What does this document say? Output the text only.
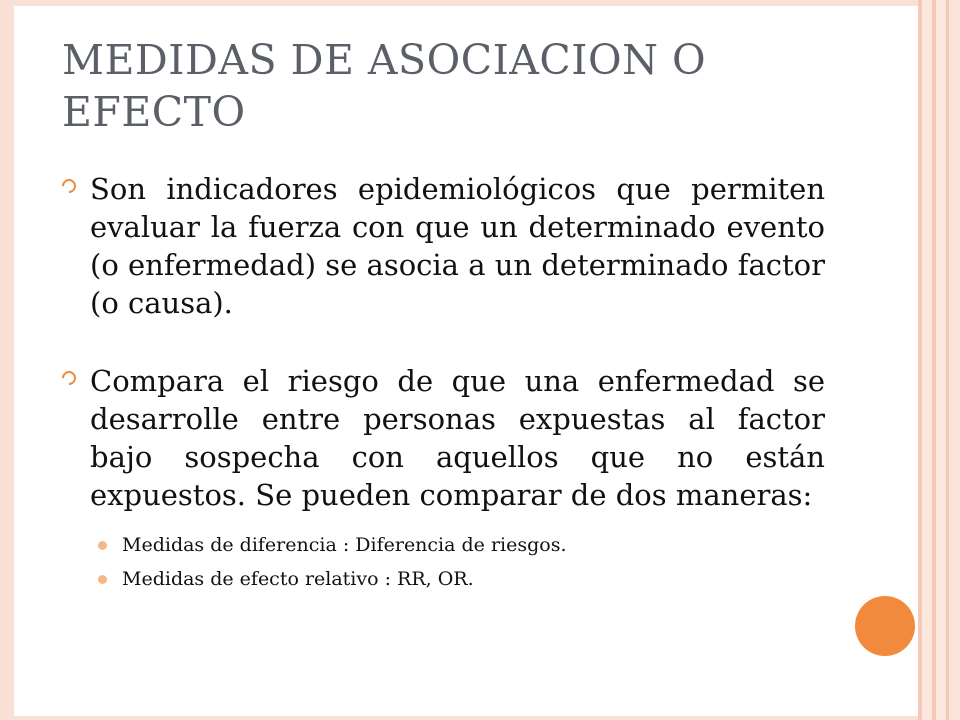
MEDIDAS DE ASOCIACION O EFECTO
Son indicadores epidemiológicos que permiten evaluar la fuerza con que un determinado evento (o enfermedad) se asocia a un determinado factor (o causa).
Compara el riesgo de que una enfermedad se desarrolle entre personas expuestas al factor bajo sospecha con aquellos que no están expuestos. Se pueden comparar de dos maneras:
Medidas de diferencia : Diferencia de riesgos.
Medidas de efecto relativo : RR, OR.
